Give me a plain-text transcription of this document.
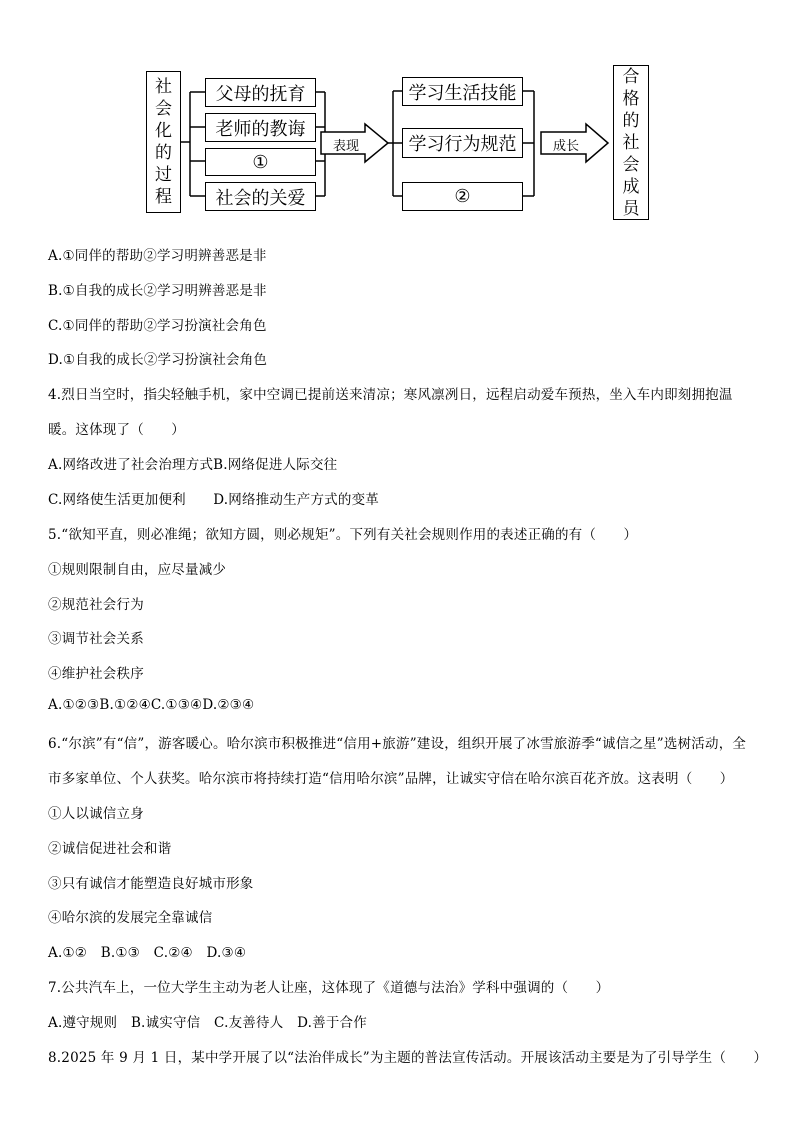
社
会
化
的
过
程
父母的抚育
老师的教诲
①
社会的关爱
表现
学习生活技能
学习行为规范
②
成长
合
格
的
社
会
成
员
A.①同伴的帮助②学习明辨善恶是非
B.①自我的成长②学习明辨善恶是非
C.①同伴的帮助②学习扮演社会角色
D.①自我的成长②学习扮演社会角色
4.烈日当空时，指尖轻触手机，家中空调已提前送来清凉；寒风凛冽日，远程启动爱车预热，坐入车内即刻拥抱温
暖。这体现了（　　）
A.网络改进了社会治理方式B.网络促进人际交往
C.网络使生活更加便利　　D.网络推动生产方式的变革
5.“欲知平直，则必准绳；欲知方圆，则必规矩”。下列有关社会规则作用的表述正确的有（　　）
①规则限制自由，应尽量减少
②规范社会行为
③调节社会关系
④维护社会秩序
A.①②③B.①②④C.①③④D.②③④
6.“尔滨”有“信”，游客暖心。哈尔滨市积极推进“信用+旅游”建设，组织开展了冰雪旅游季“诚信之星”选树活动，全
市多家单位、个人获奖。哈尔滨市将持续打造“信用哈尔滨”品牌，让诚实守信在哈尔滨百花齐放。这表明（　　）
①人以诚信立身
②诚信促进社会和谐
③只有诚信才能塑造良好城市形象
④哈尔滨的发展完全靠诚信
A.①②　B.①③　C.②④　D.③④
7.公共汽车上，一位大学生主动为老人让座，这体现了《道德与法治》学科中强调的（　　）
A.遵守规则　B.诚实守信　C.友善待人　D.善于合作
8.2025 年 9 月 1 日，某中学开展了以“法治伴成长”为主题的普法宣传活动。开展该活动主要是为了引导学生（　　）
